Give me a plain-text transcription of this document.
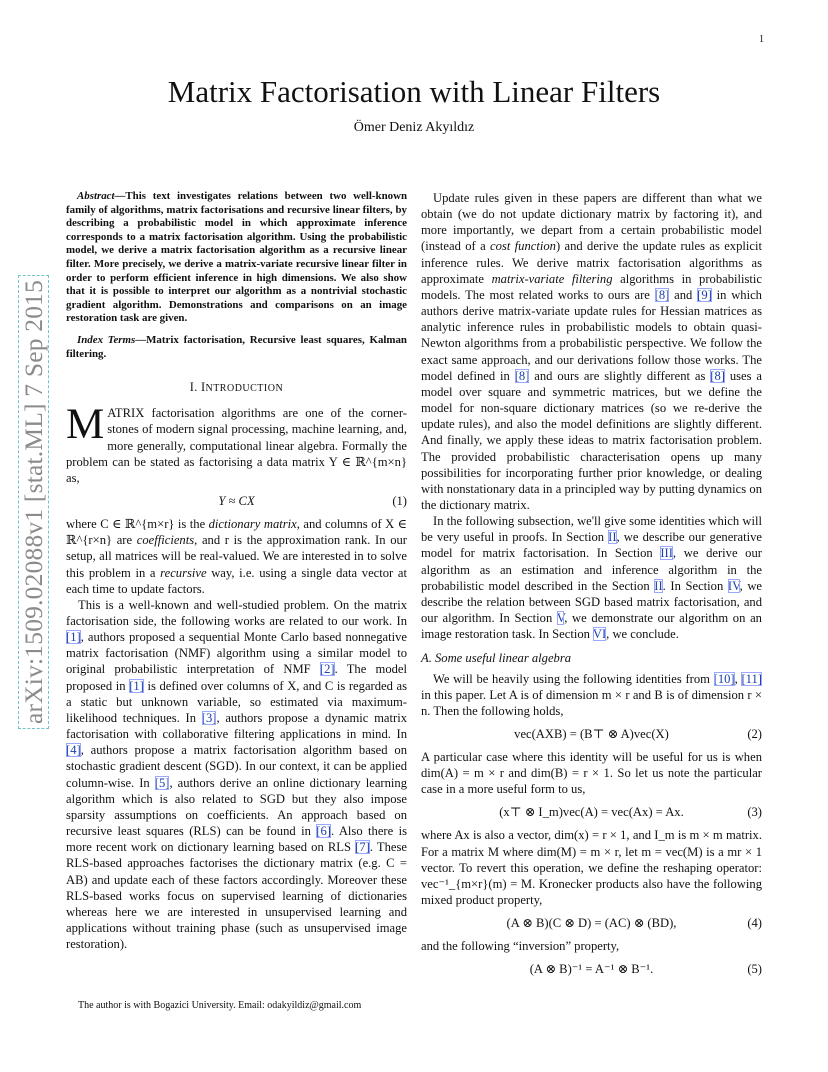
1
arXiv:1509.02088v1 [stat.ML] 7 Sep 2015
Matrix Factorisation with Linear Filters
Ömer Deniz Akyıldız

Abstract—This text investigates relations between two well-known family of algorithms, matrix factorisations and recursive linear filters, by describing a probabilistic model in which approximate inference corresponds to a matrix factorisation algorithm. Using the probabilistic model, we derive a matrix factorisation algorithm as a recursive linear filter. More precisely, we derive a matrix-variate recursive linear filter in order to perform efficient inference in high dimensions. We also show that it is possible to interpret our algorithm as a nontrivial stochastic gradient algorithm. Demonstrations and comparisons on an image restoration task are given.

Index Terms—Matrix factorisation, Recursive least squares, Kalman filtering.

I. INTRODUCTION

MATRIX factorisation algorithms are one of the corner-stones of modern signal processing, machine learning, and, more generally, computational linear algebra. Formally the problem can be stated as factorising a data matrix Y ∈ ℝ^{m×n} as,

Y ≈ CX	(1)

where C ∈ ℝ^{m×r} is the dictionary matrix, and columns of X ∈ ℝ^{r×n} are coefficients, and r is the approximation rank. In our setup, all matrices will be real-valued. We are interested in to solve this problem in a recursive way, i.e. using a single data vector at each time to update factors.

This is a well-known and well-studied problem. On the matrix factorisation side, the following works are related to our work. In [1], authors proposed a sequential Monte Carlo based nonnegative matrix factorisation (NMF) algorithm using a similar model to original probabilistic interpretation of NMF [2]. The model proposed in [1] is defined over columns of X, and C is regarded as a static but unknown variable, so estimated via maximum-likelihood techniques. In [3], authors propose a dynamic matrix factorisation with collaborative filtering applications in mind. In [4], authors propose a matrix factorisation algorithm based on stochastic gradient descent (SGD). In our context, it can be applied column-wise. In [5], authors derive an online dictionary learning algorithm which is also related to SGD but they also impose sparsity assumptions on coefficients. An approach based on recursive least squares (RLS) can be found in [6]. Also there is more recent work on dictionary learning based on RLS [7]. These RLS-based approaches factorises the dictionary matrix (e.g. C = AB) and update each of these factors accordingly. Moreover these RLS-based works focus on supervised learning of dictionaries whereas here we are interested in unsupervised learning and applications without training phase (such as unsupervised image restoration).

The author is with Bogazici University. Email: odakyildiz@gmail.com

Update rules given in these papers are different than what we obtain (we do not update dictionary matrix by factoring it), and more importantly, we depart from a certain probabilistic model (instead of a cost function) and derive the update rules as explicit inference rules. We derive matrix factorisation algorithms as approximate matrix-variate filtering algorithms in probabilistic models. The most related works to ours are [8] and [9] in which authors derive matrix-variate update rules for Hessian matrices as analytic inference rules in probabilistic models to obtain quasi-Newton algorithms from a probabilistic perspective. We follow the exact same approach, and our derivations follow those works. The model defined in [8] and ours are slightly different as [8] uses a model over square and symmetric matrices, but we define the model for non-square dictionary matrices (so we re-derive the update rules), and also the model definitions are slightly different. And finally, we apply these ideas to matrix factorisation problem. The provided probabilistic characterisation opens up many possibilities for incorporating further prior knowledge, or dealing with nonstationary data in a principled way by putting dynamics on the dictionary matrix.

In the following subsection, we'll give some identities which will be very useful in proofs. In Section II, we describe our generative model for matrix factorisation. In Section III, we derive our algorithm as an estimation and inference algorithm in the probabilistic model described in the Section II. In Section IV, we describe the relation between SGD based matrix factorisation, and our algorithm. In Section V, we demonstrate our algorithm on an image restoration task. In Section VI, we conclude.

A. Some useful linear algebra

We will be heavily using the following identities from [10], [11] in this paper. Let A is of dimension m × r and B is of dimension r × n. Then the following holds,

vec(AXB) = (B⊤ ⊗ A)vec(X)	(2)

A particular case where this identity will be useful for us is when dim(A) = m × r and dim(B) = r × 1. So let us note the particular case in a more useful form to us,

(x⊤ ⊗ I_m)vec(A) = vec(Ax) = Ax.	(3)

where Ax is also a vector, dim(x) = r × 1, and I_m is m × m matrix. For a matrix M where dim(M) = m × r, let m = vec(M) is a mr × 1 vector. To revert this operation, we define the reshaping operator: vec⁻¹_{m×r}(m) = M. Kronecker products also have the following mixed product property,

(A ⊗ B)(C ⊗ D) = (AC) ⊗ (BD),	(4)

and the following “inversion” property,

(A ⊗ B)⁻¹ = A⁻¹ ⊗ B⁻¹.	(5)
